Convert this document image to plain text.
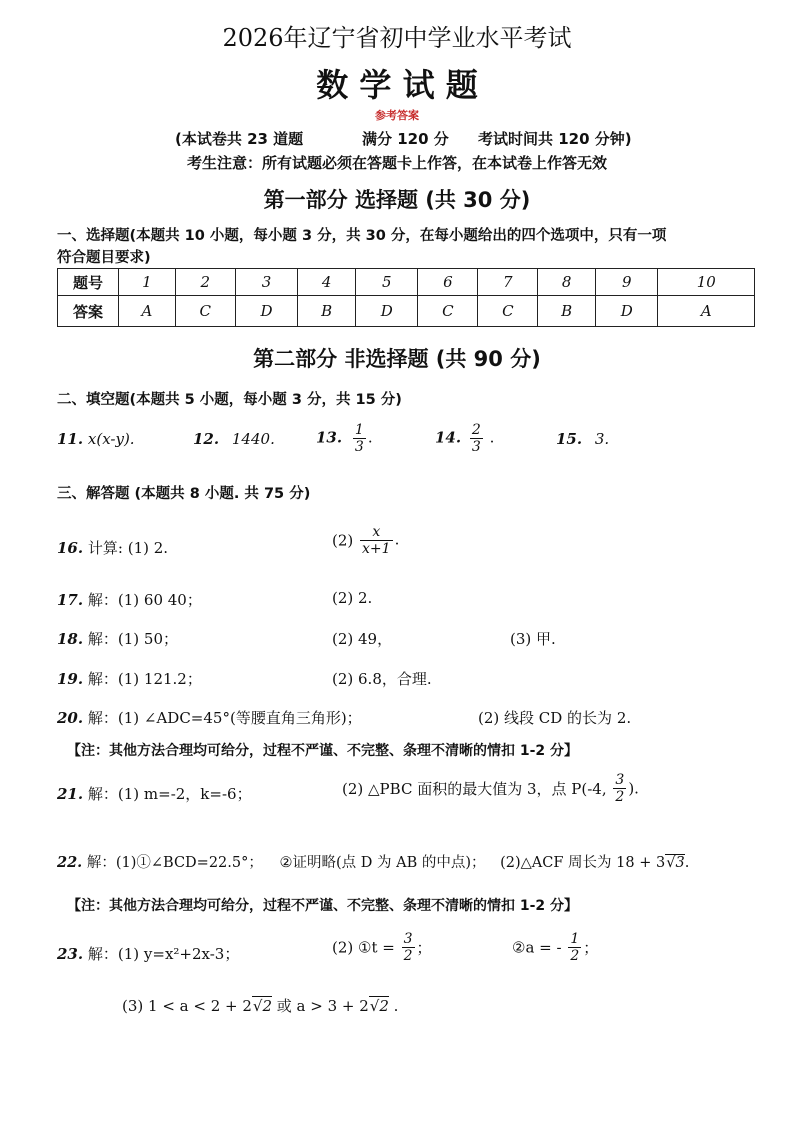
2026年辽宁省初中学业水平考试
数 学 试 题
参考答案
(本试卷共 23 道题	满分 120 分 考试时间共 120 分钟)
考生注意：所有试题必须在答题卡上作答，在本试卷上作答无效
第一部分 选择题 (共 30 分)
一、选择题(本题共 10 小题，每小题 3 分，共 30 分，在每小题给出的四个选项中，只有一项
符合题目要求)
题号	1	2	3	4	5	6	7	8	9	10
答案	A	C	D	B	D	C	C	B	D	A
第二部分 非选择题 (共 90 分)
二、填空题(本题共 5 小题，每小题 3 分，共 15 分)
11. x(x-y).	12. 1440.	13. $\frac{1}{3}$ .	14. $\frac{2}{3}$ .	15. 3.
三、解答题 (本题共 8 小题. 共 75 分)
16. 计算: (1) 2.	$(2) \frac{x}{x+1}$ .
17. 解：(1) 60 40；	(2) 2.
18. 解：(1) 50；	(2) 49，	(3) 甲.
19. 解：(1) 121.2；	(2) 6.8，合理.
20. 解：(1) ∠ADC=45°(等腰直角三角形)；	(2) 线段 CD 的长为 2.
【注：其他方法合理均可给分，过程不严谨、不完整、条理不清晰的情扣 1-2 分】
21. 解：(1) m=-2，k=-6；	(2) △PBC 面积的最大值为 3，点 P(-4, $\frac{3}{2}$ ).
22. 解：(1)①∠BCD=22.5°； ②证明略(点 D 为 AB 的中点)； (2)△ACF 周长为 18 + 3√3.
【注：其他方法合理均可给分，过程不严谨、不完整、条理不清晰的情扣 1-2 分】
23. 解：(1) y=x²+2x-3；	(2) ①t = $\frac{3}{2}$ ；	②a = - $\frac{1}{2}$ ；
(3) 1 < a < 2 + 2√2 或 a > 3 + 2√2 .
